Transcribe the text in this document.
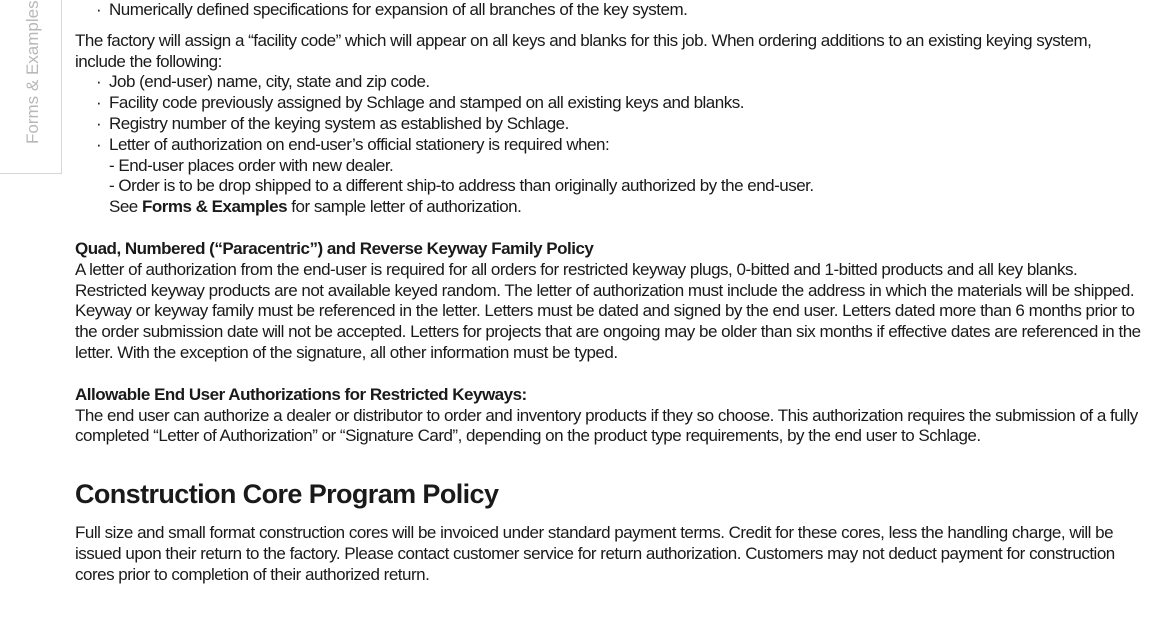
Forms & Examples	· Numerically defined specifications for expansion of all branches of the key system.

The factory will assign a “facility code” which will appear on all keys and blanks for this job. When ordering additions to an existing keying system, include the following:

· Job (end-user) name, city, state and zip code.
· Facility code previously assigned by Schlage and stamped on all existing keys and blanks.
· Registry number of the keying system as established by Schlage.
· Letter of authorization on end-user’s official stationery is required when:
- End-user places order with new dealer.
- Order is to be drop shipped to a different ship-to address than originally authorized by the end-user.
See Forms & Examples for sample letter of authorization.
Quad, Numbered (“Paracentric”) and Reverse Keyway Family Policy

A letter of authorization from the end-user is required for all orders for restricted keyway plugs, 0-bitted and 1-bitted products and all key blanks. Restricted keyway products are not available keyed random. The letter of authorization must include the address in which the materials will be shipped. Keyway or keyway family must be referenced in the letter. Letters must be dated and signed by the end user. Letters dated more than 6 months prior to the order submission date will not be accepted. Letters for projects that are ongoing may be older than six months if effective dates are referenced in the letter. With the exception of the signature, all other information must be typed.

Allowable End User Authorizations for Restricted Keyways:

The end user can authorize a dealer or distributor to order and inventory products if they so choose. This authorization requires the submission of a fully completed “Letter of Authorization” or “Signature Card”, depending on the product type requirements, by the end user to Schlage.

Construction Core Program Policy

Full size and small format construction cores will be invoiced under standard payment terms. Credit for these cores, less the handling charge, will be issued upon their return to the factory. Please contact customer service for return authorization. Customers may not deduct payment for construction cores prior to completion of their authorized return.
